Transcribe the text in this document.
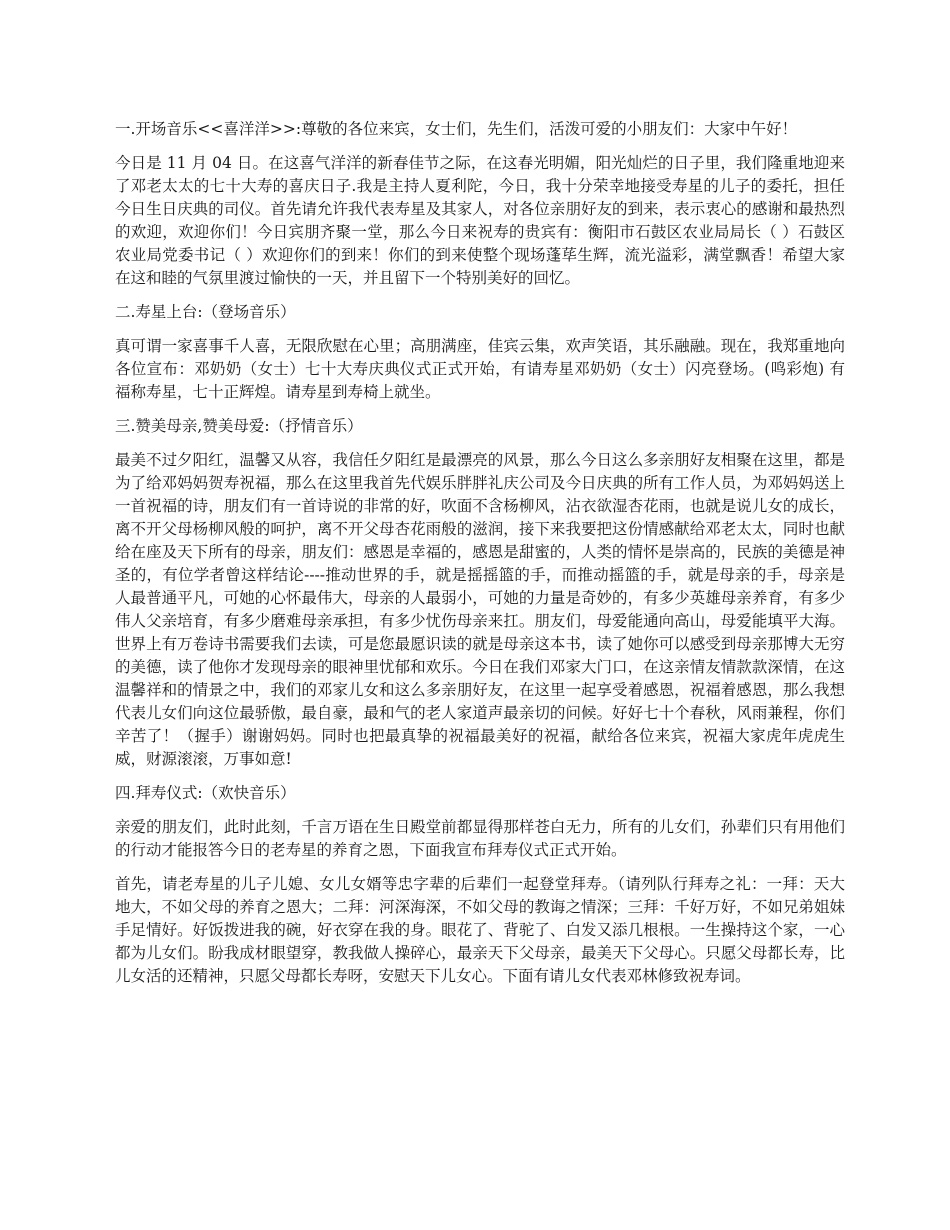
一.开场音乐<<喜洋洋>>:尊敬的各位来宾，女士们，先生们，活泼可爱的小朋友们：大家中午好！

今日是 11 月 04 日。在这喜气洋洋的新春佳节之际，在这春光明媚，阳光灿烂的日子里，我们隆重地迎来了邓老太太的七十大寿的喜庆日子.我是主持人夏利陀，今日，我十分荣幸地接受寿星的儿子的委托，担任今日生日庆典的司仪。首先请允许我代表寿星及其家人，对各位亲朋好友的到来，表示衷心的感谢和最热烈的欢迎，欢迎你们！今日宾朋齐聚一堂，那么今日来祝寿的贵宾有：衡阳市石鼓区农业局局长（ ）石鼓区农业局党委书记（ ）欢迎你们的到来！你们的到来使整个现场蓬荜生辉，流光溢彩，满堂飘香！希望大家在这和睦的气氛里渡过愉快的一天，并且留下一个特别美好的回忆。

二.寿星上台:（登场音乐）

真可谓一家喜事千人喜，无限欣慰在心里；高朋满座，佳宾云集，欢声笑语，其乐融融。现在，我郑重地向各位宣布：邓奶奶（女士）七十大寿庆典仪式正式开始，有请寿星邓奶奶（女士）闪亮登场。(鸣彩炮) 有福称寿星，七十正辉煌。请寿星到寿椅上就坐。

三.赞美母亲,赞美母爱:（抒情音乐）

最美不过夕阳红，温馨又从容，我信任夕阳红是最漂亮的风景，那么今日这么多亲朋好友相聚在这里，都是为了给邓妈妈贺寿祝福，那么在这里我首先代娱乐胖胖礼庆公司及今日庆典的所有工作人员，为邓妈妈送上一首祝福的诗，朋友们有一首诗说的非常的好，吹面不含杨柳风，沾衣欲湿杏花雨，也就是说儿女的成长，离不开父母杨柳风般的呵护，离不开父母杏花雨般的滋润，接下来我要把这份情感献给邓老太太，同时也献给在座及天下所有的母亲，朋友们：感恩是幸福的，感恩是甜蜜的，人类的情怀是崇高的，民族的美德是神圣的，有位学者曾这样结论----推动世界的手，就是摇摇篮的手，而推动摇篮的手，就是母亲的手，母亲是人最普通平凡，可她的心怀最伟大，母亲的人最弱小，可她的力量是奇妙的，有多少英雄母亲养育，有多少伟人父亲培育，有多少磨难母亲承担，有多少忧伤母亲来扛。朋友们，母爱能通向高山，母爱能填平大海。世界上有万卷诗书需要我们去读，可是您最愿识读的就是母亲这本书，读了她你可以感受到母亲那博大无穷的美德，读了他你才发现母亲的眼神里忧郁和欢乐。今日在我们邓家大门口，在这亲情友情款款深情，在这温馨祥和的情景之中，我们的邓家儿女和这么多亲朋好友，在这里一起享受着感恩，祝福着感恩，那么我想代表儿女们向这位最骄傲，最自豪，最和气的老人家道声最亲切的问候。好好七十个春秋，风雨兼程，你们辛苦了！（握手）谢谢妈妈。同时也把最真挚的祝福最美好的祝福，献给各位来宾，祝福大家虎年虎虎生威，财源滚滚，万事如意!

四.拜寿仪式:（欢快音乐）

亲爱的朋友们，此时此刻，千言万语在生日殿堂前都显得那样苍白无力，所有的儿女们，孙辈们只有用他们的行动才能报答今日的老寿星的养育之恩，下面我宣布拜寿仪式正式开始。

首先，请老寿星的儿子儿媳、女儿女婿等忠字辈的后辈们一起登堂拜寿。（请列队行拜寿之礼：一拜：天大地大，不如父母的养育之恩大；二拜：河深海深，不如父母的教诲之情深；三拜：千好万好，不如兄弟姐妹手足情好。好饭拨进我的碗，好衣穿在我的身。眼花了、背驼了、白发又添几根根。一生操持这个家，一心都为儿女们。盼我成材眼望穿，教我做人操碎心，最亲天下父母亲，最美天下父母心。只愿父母都长寿，比儿女活的还精神，只愿父母都长寿呀，安慰天下儿女心。下面有请儿女代表邓林修致祝寿词。
